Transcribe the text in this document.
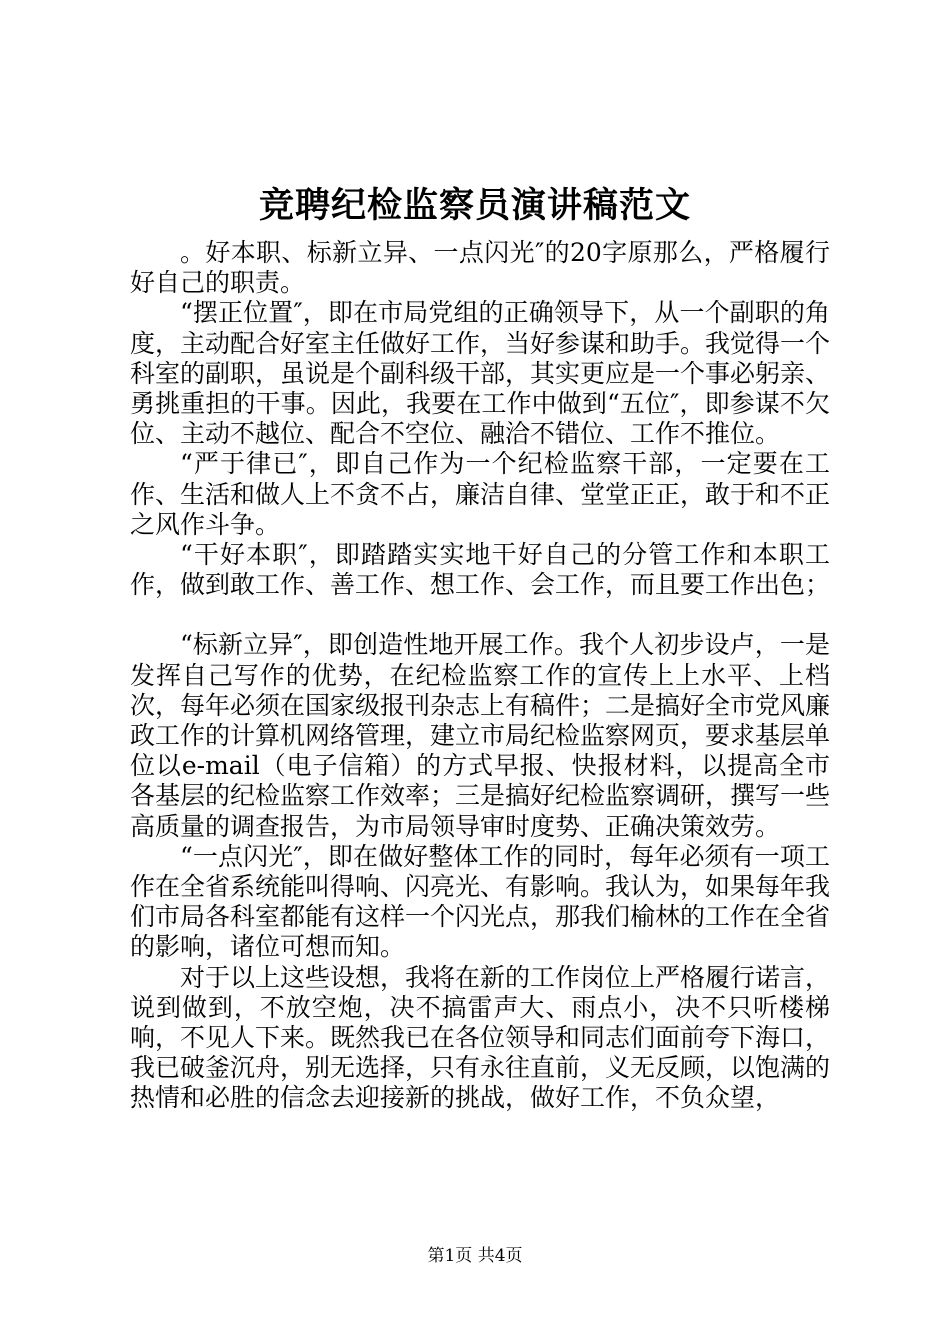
竞聘纪检监察员演讲稿范文

。好本职、标新立异、一点闪光″的20字原那么，严格履行好自己的职责。

“摆正位置″，即在市局党组的正确领导下，从一个副职的角度，主动配合好室主任做好工作，当好参谋和助手。我觉得一个科室的副职，虽说是个副科级干部，其实更应是一个事必躬亲、勇挑重担的干事。因此，我要在工作中做到“五位″，即参谋不欠位、主动不越位、配合不空位、融洽不错位、工作不推位。

“严于律已″，即自己作为一个纪检监察干部，一定要在工作、生活和做人上不贪不占，廉洁自律、堂堂正正，敢于和不正之风作斗争。

“干好本职″，即踏踏实实地干好自己的分管工作和本职工作，做到敢工作、善工作、想工作、会工作，而且要工作出色；

“标新立异″，即创造性地开展工作。我个人初步设卢，一是发挥自己写作的优势，在纪检监察工作的宣传上上水平、上档次，每年必须在国家级报刊杂志上有稿件；二是搞好全市党风廉政工作的计算机网络管理，建立市局纪检监察网页，要求基层单位以e-mail（电子信箱）的方式早报、快报材料，以提高全市各基层的纪检监察工作效率；三是搞好纪检监察调研，撰写一些高质量的调查报告，为市局领导审时度势、正确决策效劳。

“一点闪光″，即在做好整体工作的同时，每年必须有一项工作在全省系统能叫得响、闪亮光、有影响。我认为，如果每年我们市局各科室都能有这样一个闪光点，那我们榆林的工作在全省的影响，诸位可想而知。

对于以上这些设想，我将在新的工作岗位上严格履行诺言，说到做到，不放空炮，决不搞雷声大、雨点小，决不只听楼梯响，不见人下来。既然我已在各位领导和同志们面前夸下海口，我已破釜沉舟，别无选择，只有永往直前，义无反顾，以饱满的热情和必胜的信念去迎接新的挑战，做好工作，不负众望，

第1页 共4页
